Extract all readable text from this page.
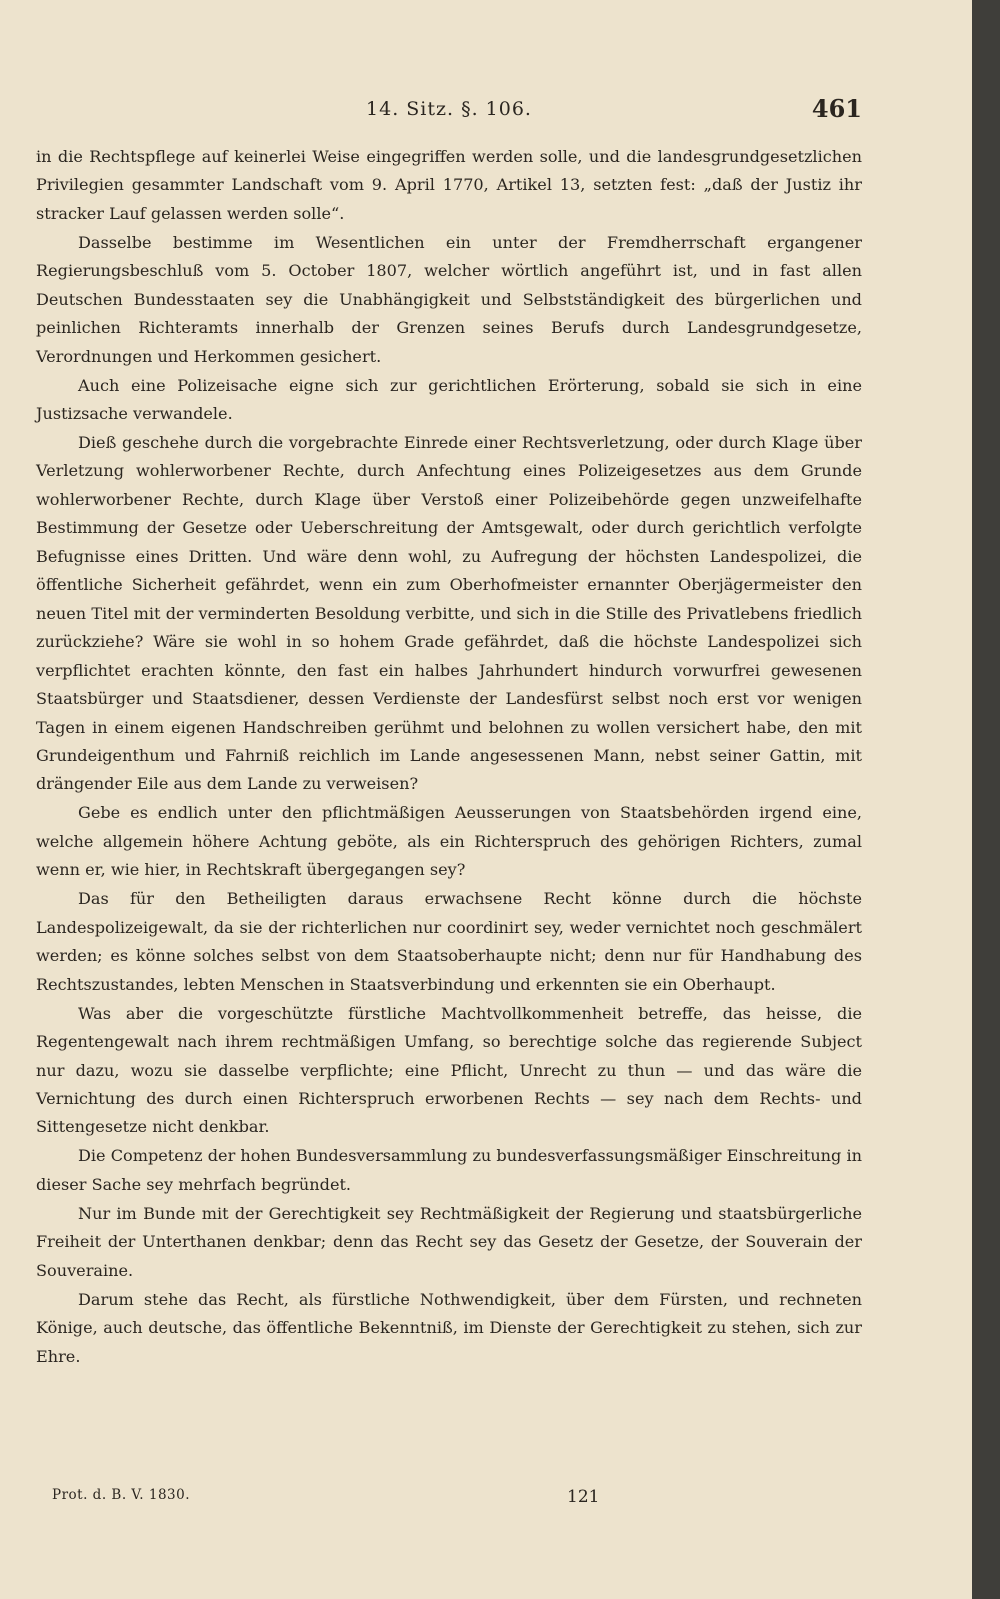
14. Sitz. §. 106.	461

in die Rechtspflege auf keinerlei Weise eingegriffen werden solle, und die landesgrundgesetzlichen Privilegien gesammter Landschaft vom 9. April 1770, Artikel 13, setzten fest: „daß der Justiz ihr stracker Lauf gelassen werden solle“.

Dasselbe bestimme im Wesentlichen ein unter der Fremdherrschaft ergangener Regierungsbeschluß vom 5. October 1807, welcher wörtlich angeführt ist, und in fast allen Deutschen Bundesstaaten sey die Unabhängigkeit und Selbstständigkeit des bürgerlichen und peinlichen Richteramts innerhalb der Grenzen seines Berufs durch Landesgrundgesetze, Verordnungen und Herkommen gesichert.

Auch eine Polizeisache eigne sich zur gerichtlichen Erörterung, sobald sie sich in eine Justizsache verwandele.

Dieß geschehe durch die vorgebrachte Einrede einer Rechtsverletzung, oder durch Klage über Verletzung wohlerworbener Rechte, durch Anfechtung eines Polizeigesetzes aus dem Grunde wohlerworbener Rechte, durch Klage über Verstoß einer Polizeibehörde gegen unzweifelhafte Bestimmung der Gesetze oder Ueberschreitung der Amtsgewalt, oder durch gerichtlich verfolgte Befugnisse eines Dritten. Und wäre denn wohl, zu Aufregung der höchsten Landespolizei, die öffentliche Sicherheit gefährdet, wenn ein zum Oberhofmeister ernannter Oberjägermeister den neuen Titel mit der verminderten Besoldung verbitte, und sich in die Stille des Privatlebens friedlich zurückziehe? Wäre sie wohl in so hohem Grade gefährdet, daß die höchste Landespolizei sich verpflichtet erachten könnte, den fast ein halbes Jahrhundert hindurch vorwurfrei gewesenen Staatsbürger und Staatsdiener, dessen Verdienste der Landesfürst selbst noch erst vor wenigen Tagen in einem eigenen Handschreiben gerühmt und belohnen zu wollen versichert habe, den mit Grundeigenthum und Fahrniß reichlich im Lande angesessenen Mann, nebst seiner Gattin, mit drängender Eile aus dem Lande zu verweisen?

Gebe es endlich unter den pflichtmäßigen Aeusserungen von Staatsbehörden irgend eine, welche allgemein höhere Achtung geböte, als ein Richterspruch des gehörigen Richters, zumal wenn er, wie hier, in Rechtskraft übergegangen sey?

Das für den Betheiligten daraus erwachsene Recht könne durch die höchste Landespolizeigewalt, da sie der richterlichen nur coordinirt sey, weder vernichtet noch geschmälert werden; es könne solches selbst von dem Staatsoberhaupte nicht; denn nur für Handhabung des Rechtszustandes, lebten Menschen in Staatsverbindung und erkennten sie ein Oberhaupt.

Was aber die vorgeschützte fürstliche Machtvollkommenheit betreffe, das heisse, die Regentengewalt nach ihrem rechtmäßigen Umfang, so berechtige solche das regierende Subject nur dazu, wozu sie dasselbe verpflichte; eine Pflicht, Unrecht zu thun — und das wäre die Vernichtung des durch einen Richterspruch erworbenen Rechts — sey nach dem Rechts- und Sittengesetze nicht denkbar.

Die Competenz der hohen Bundesversammlung zu bundesverfassungsmäßiger Einschreitung in dieser Sache sey mehrfach begründet.

Nur im Bunde mit der Gerechtigkeit sey Rechtmäßigkeit der Regierung und staatsbürgerliche Freiheit der Unterthanen denkbar; denn das Recht sey das Gesetz der Gesetze, der Souverain der Souveraine.

Darum stehe das Recht, als fürstliche Nothwendigkeit, über dem Fürsten, und rechneten Könige, auch deutsche, das öffentliche Bekenntniß, im Dienste der Gerechtigkeit zu stehen, sich zur Ehre.

Prot. d. B. V. 1830.	121
